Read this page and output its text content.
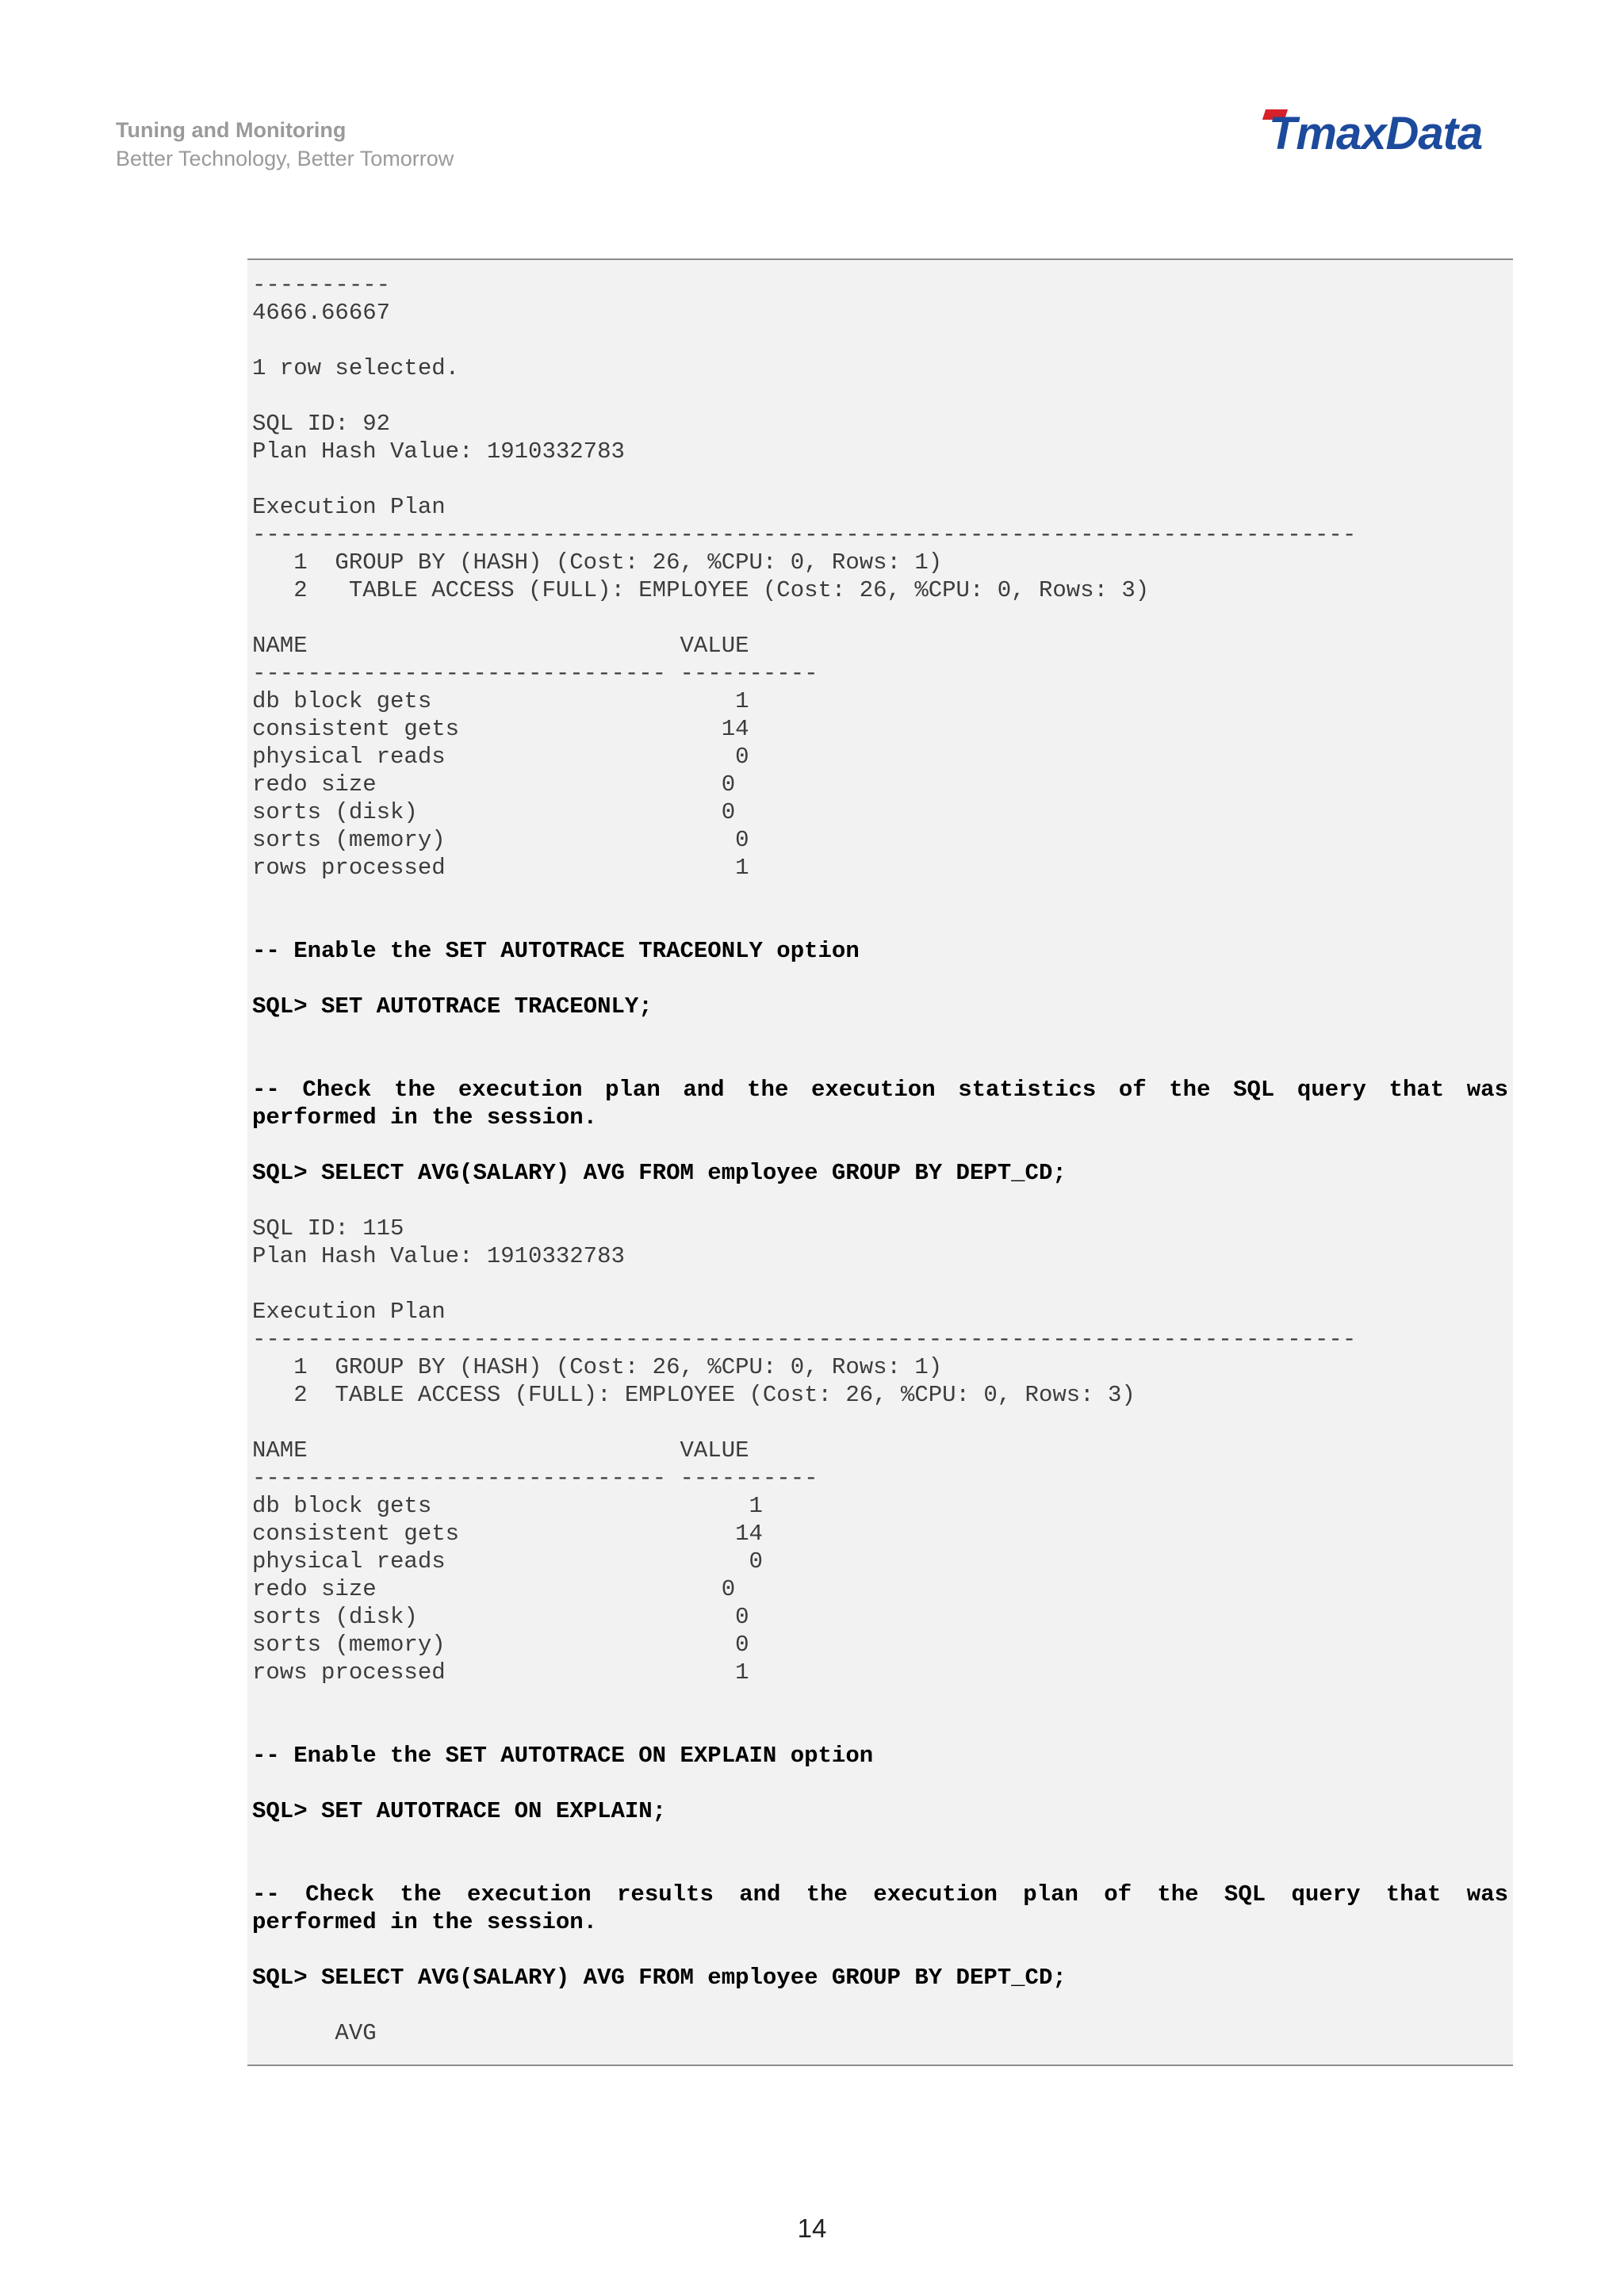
Tuning and Monitoring
Better Technology, Better Tomorrow	TmaxData
----------
4666.66667
1 row selected.
SQL ID: 92
Plan Hash Value: 1910332783
Execution Plan
--------------------------------------------------------------------------------
1  GROUP BY (HASH) (Cost: 26, %CPU: 0, Rows: 1)
2   TABLE ACCESS (FULL): EMPLOYEE (Cost: 26, %CPU: 0, Rows: 3)
NAME                           VALUE
------------------------------ ----------
db block gets                      1
consistent gets                   14
physical reads                     0
redo size                         0
sorts (disk)                      0
sorts (memory)                     0
rows processed                     1
-- Enable the SET AUTOTRACE TRACEONLY option
SQL> SET AUTOTRACE TRACEONLY;
-- Check the execution plan and the execution statistics of the SQL query that was
performed in the session.
SQL> SELECT AVG(SALARY) AVG FROM employee GROUP BY DEPT_CD;
SQL ID: 115
Plan Hash Value: 1910332783
Execution Plan
--------------------------------------------------------------------------------
1  GROUP BY (HASH) (Cost: 26, %CPU: 0, Rows: 1)
2  TABLE ACCESS (FULL): EMPLOYEE (Cost: 26, %CPU: 0, Rows: 3)
NAME                           VALUE
------------------------------ ----------
db block gets                       1
consistent gets                    14
physical reads                      0
redo size                         0
sorts (disk)                       0
sorts (memory)                     0
rows processed                     1
-- Enable the SET AUTOTRACE ON EXPLAIN option
SQL> SET AUTOTRACE ON EXPLAIN;
-- Check the execution results and the execution plan of the SQL query that was
performed in the session.
SQL> SELECT AVG(SALARY) AVG FROM employee GROUP BY DEPT_CD;
AVG
14
